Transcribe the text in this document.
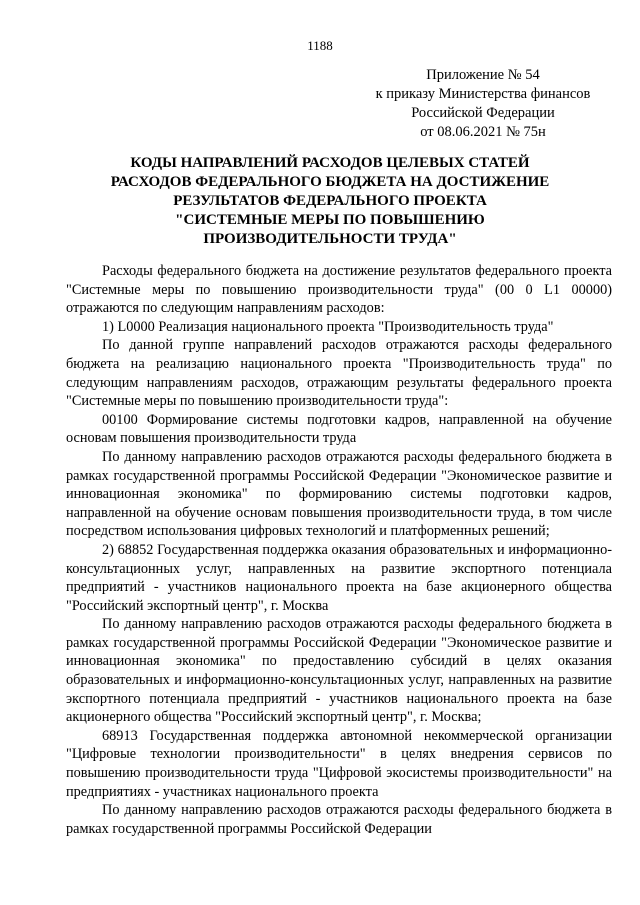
1188
Приложение № 54
к приказу Министерства финансов
Российской Федерации
от 08.06.2021 № 75н
КОДЫ НАПРАВЛЕНИЙ РАСХОДОВ ЦЕЛЕВЫХ СТАТЕЙ
РАСХОДОВ ФЕДЕРАЛЬНОГО БЮДЖЕТА НА ДОСТИЖЕНИЕ
РЕЗУЛЬТАТОВ ФЕДЕРАЛЬНОГО ПРОЕКТА
"СИСТЕМНЫЕ МЕРЫ ПО ПОВЫШЕНИЮ
ПРОИЗВОДИТЕЛЬНОСТИ ТРУДА"

Расходы федерального бюджета на достижение результатов федерального проекта "Системные меры по повышению производительности труда" (00 0 L1 00000) отражаются по следующим направлениям расходов:

1) L0000 Реализация национального проекта "Производительность труда"

По данной группе направлений расходов отражаются расходы федерального бюджета на реализацию национального проекта "Производительность труда" по следующим направлениям расходов, отражающим результаты федерального проекта "Системные меры по повышению производительности труда":

00100 Формирование системы подготовки кадров, направленной на обучение основам повышения производительности труда

По данному направлению расходов отражаются расходы федерального бюджета в рамках государственной программы Российской Федерации "Экономическое развитие и инновационная экономика" по формированию системы подготовки кадров, направленной на обучение основам повышения производительности труда, в том числе посредством использования цифровых технологий и платформенных решений;

2) 68852 Государственная поддержка оказания образовательных и информационно-консультационных услуг, направленных на развитие экспортного потенциала предприятий - участников национального проекта на базе акционерного общества "Российский экспортный центр", г. Москва

По данному направлению расходов отражаются расходы федерального бюджета в рамках государственной программы Российской Федерации "Экономическое развитие и инновационная экономика" по предоставлению субсидий в целях оказания образовательных и информационно-консультационных услуг, направленных на развитие экспортного потенциала предприятий - участников национального проекта на базе акционерного общества "Российский экспортный центр", г. Москва;

68913 Государственная поддержка автономной некоммерческой организации "Цифровые технологии производительности" в целях внедрения сервисов по повышению производительности труда "Цифровой экосистемы производительности" на предприятиях - участниках национального проекта

По данному направлению расходов отражаются расходы федерального бюджета в рамках государственной программы Российской Федерации
